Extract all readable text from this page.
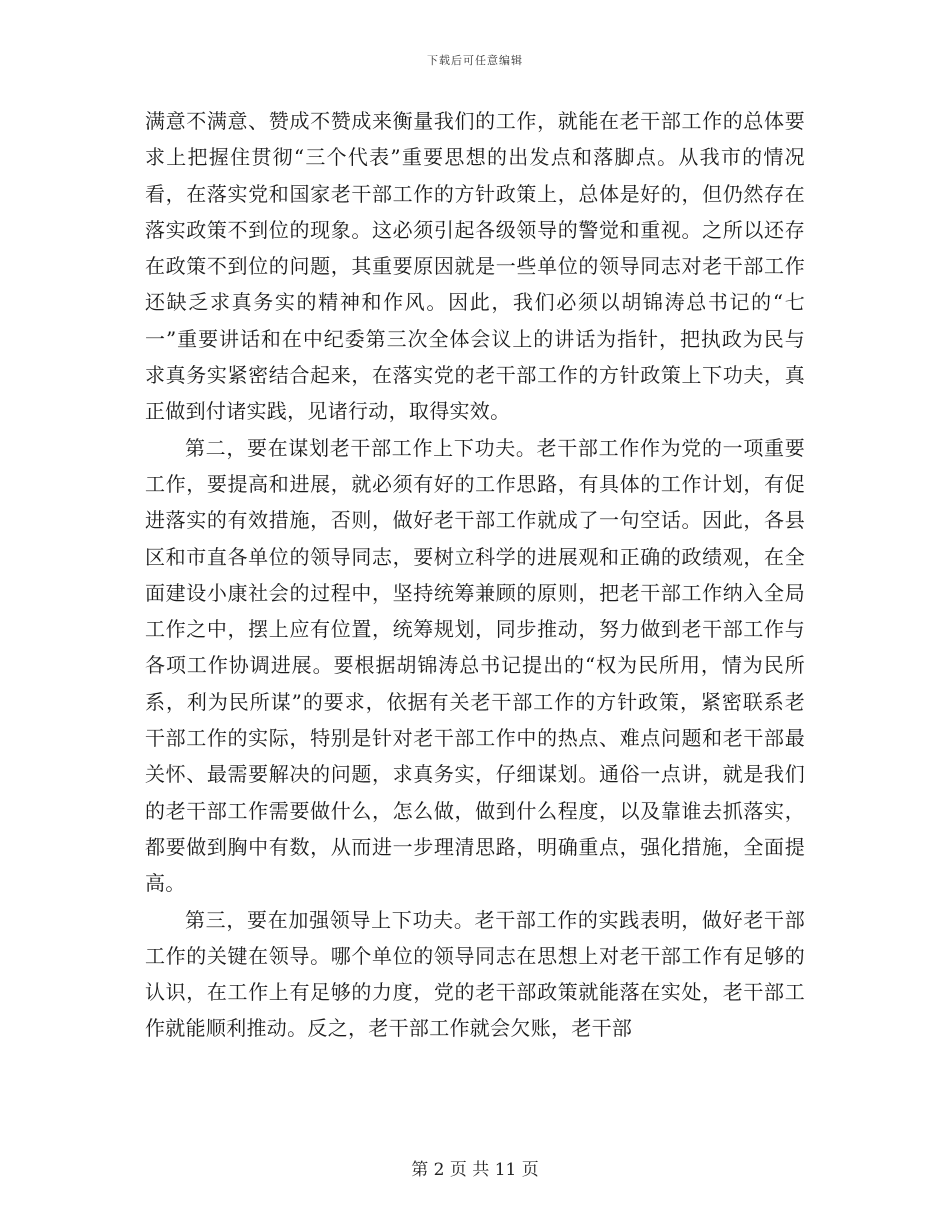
下载后可任意编辑

满意不满意、赞成不赞成来衡量我们的工作，就能在老干部工作的总体要求上把握住贯彻“三个代表”重要思想的出发点和落脚点。从我市的情况看，在落实党和国家老干部工作的方针政策上，总体是好的，但仍然存在落实政策不到位的现象。这必须引起各级领导的警觉和重视。之所以还存在政策不到位的问题，其重要原因就是一些单位的领导同志对老干部工作还缺乏求真务实的精神和作风。因此，我们必须以胡锦涛总书记的“七一”重要讲话和在中纪委第三次全体会议上的讲话为指针，把执政为民与求真务实紧密结合起来，在落实党的老干部工作的方针政策上下功夫，真正做到付诸实践，见诸行动，取得实效。

第二，要在谋划老干部工作上下功夫。老干部工作作为党的一项重要工作，要提高和进展，就必须有好的工作思路，有具体的工作计划，有促进落实的有效措施，否则，做好老干部工作就成了一句空话。因此，各县区和市直各单位的领导同志，要树立科学的进展观和正确的政绩观，在全面建设小康社会的过程中，坚持统筹兼顾的原则，把老干部工作纳入全局工作之中，摆上应有位置，统筹规划，同步推动，努力做到老干部工作与各项工作协调进展。要根据胡锦涛总书记提出的“权为民所用，情为民所系，利为民所谋”的要求，依据有关老干部工作的方针政策，紧密联系老干部工作的实际，特别是针对老干部工作中的热点、难点问题和老干部最关怀、最需要解决的问题，求真务实，仔细谋划。通俗一点讲，就是我们的老干部工作需要做什么，怎么做，做到什么程度，以及靠谁去抓落实，都要做到胸中有数，从而进一步理清思路，明确重点，强化措施，全面提高。

第三，要在加强领导上下功夫。老干部工作的实践表明，做好老干部工作的关键在领导。哪个单位的领导同志在思想上对老干部工作有足够的认识，在工作上有足够的力度，党的老干部政策就能落在实处，老干部工作就能顺利推动。反之，老干部工作就会欠账，老干部

第 2 页 共 11 页
